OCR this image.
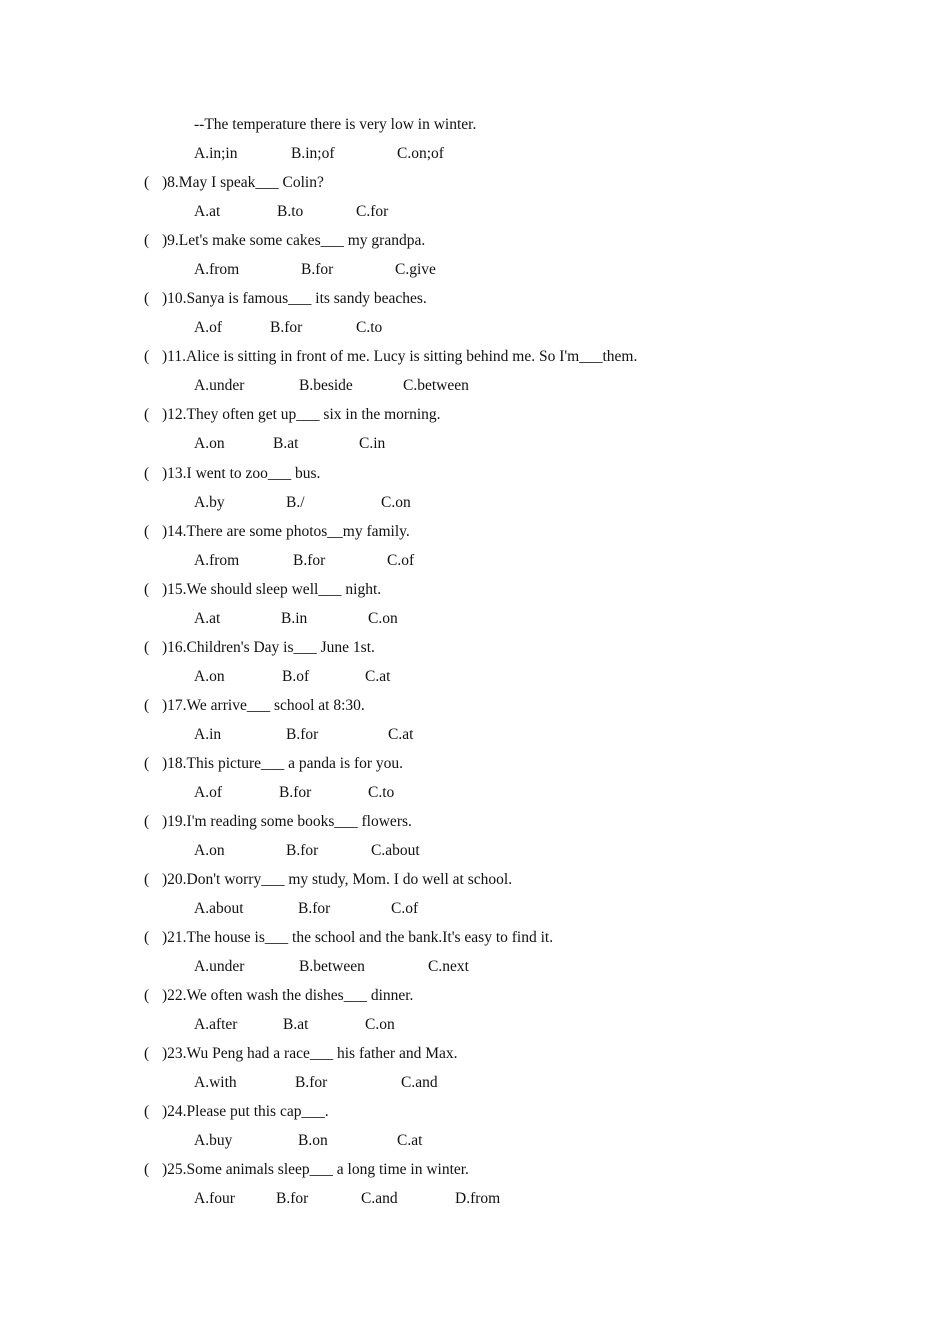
--The temperature there is very low in winter.
A.in;in	B.in;of	C.on;of
( )8.May I speak___ Colin?
A.at	B.to	C.for
( )9.Let's make some cakes___ my grandpa.
A.from	B.for	C.give
( )10.Sanya is famous___ its sandy beaches.
A.of	B.for	C.to
( )11.Alice is sitting in front of me. Lucy is sitting behind me. So I'm___them.
A.under	B.beside	C.between
( )12.They often get up___ six in the morning.
A.on	B.at	C.in
( )13.I went to zoo___ bus.
A.by	B./	C.on
( )14.There are some photos__my family.
A.from	B.for	C.of
( )15.We should sleep well___ night.
A.at	B.in	C.on
( )16.Children's Day is___ June 1st.
A.on	B.of	C.at
( )17.We arrive___ school at 8:30.
A.in	B.for	C.at
( )18.This picture___ a panda is for you.
A.of	B.for	C.to
( )19.I'm reading some books___ flowers.
A.on	B.for	C.about
( )20.Don't worry___ my study, Mom. I do well at school.
A.about	B.for	C.of
( )21.The house is___ the school and the bank.It's easy to find it.
A.under	B.between	C.next
( )22.We often wash the dishes___ dinner.
A.after	B.at	C.on
( )23.Wu Peng had a race___ his father and Max.
A.with	B.for	C.and
( )24.Please put this cap___.
A.buy	B.on	C.at
( )25.Some animals sleep___ a long time in winter.
A.four	B.for	C.and	D.from
